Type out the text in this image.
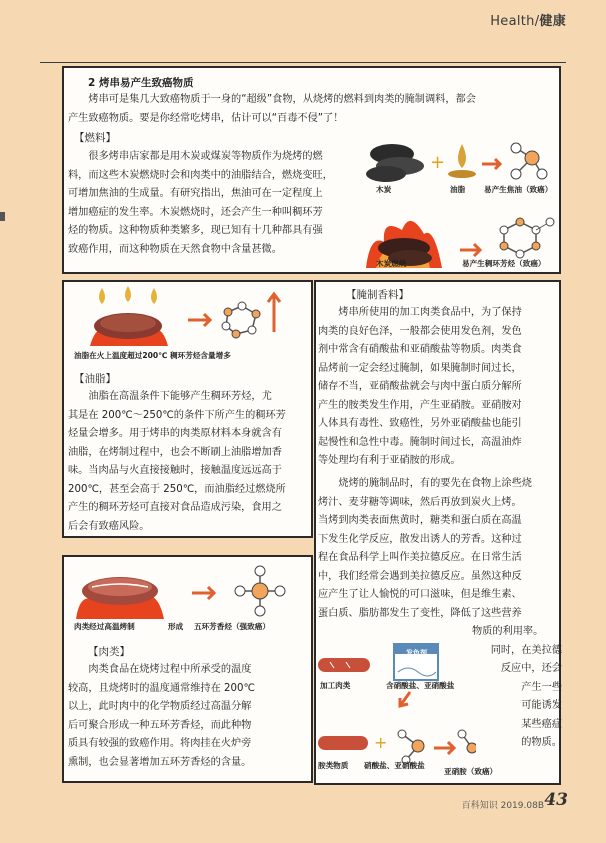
Health/健康
2 烤串易产生致癌物质

烤串可是集几大致癌物质于一身的“超级”食物，从烧烤的燃料到肉类的腌制调料，都会

产生致癌物质。要是你经常吃烤串，估计可以“百毒不侵”了！

【燃料】

很多烤串店家都是用木炭或煤炭等物质作为烧烤的燃

料，而这些木炭燃烧时会和肉类中的油脂结合，燃烧变旺，

可增加焦油的生成量。有研究指出，焦油可在一定程度上

增加癌症的发生率。木炭燃烧时，还会产生一种叫稠环芳

烃的物质。这种物质种类繁多，现已知有十几种都具有强

致癌作用，而这种物质在天然食物中含量甚微。

+
木炭	油脂 易产生焦油（致癌）
木炭燃烧	易产生稠环芳烃（致癌）
油脂在火上温度超过200℃ 稠环芳烃含量增多
【油脂】

油脂在高温条件下能够产生稠环芳烃，尤

其是在 200℃～250℃的条件下所产生的稠环芳

烃量会增多。用于烤串的肉类原材料本身就含有

油脂，在烤制过程中，也会不断刷上油脂增加香

味。当肉品与火直接接触时，接触温度远远高于

200℃，甚至会高于 250℃，而油脂经过燃烧所

产生的稠环芳烃可直接对食品造成污染，食用之

后会有致癌风险。

肉类经过高温烤制	形成 五环芳香烃（强致癌）
【肉类】

肉类食品在烧烤过程中所承受的温度

较高，且烧烤时的温度通常维持在 200℃

以上，此时肉中的化学物质经过高温分解

后可聚合形成一种五环芳香烃，而此种物

质具有较强的致癌作用。将肉挂在火炉旁

熏制，也会显著增加五环芳香烃的含量。

【腌制香料】

烤串所使用的加工肉类食品中，为了保持

肉类的良好色泽，一般都会使用发色剂，发色

剂中常含有硝酸盐和亚硝酸盐等物质。肉类食

品烤前一定会经过腌制，如果腌制时间过长，

储存不当，亚硝酸盐就会与肉中蛋白质分解所

产生的胺类发生作用，产生亚硝胺。亚硝胺对

人体具有毒性、致癌性，另外亚硝酸盐也能引

起慢性和急性中毒。腌制时间过长，高温油炸

等处理均有利于亚硝胺的形成。

烧烤的腌制品时，有的要先在食物上涂些烧

烤汁、麦芽糖等调味，然后再放到炭火上烤。

当烤到肉类表面焦黄时，糖类和蛋白质在高温

下发生化学反应，散发出诱人的芳香。这种过

程在食品科学上叫作美拉德反应。在日常生活

中，我们经常会遇到美拉德反应。虽然这种反

应产生了让人愉悦的可口滋味，但是维生素、

蛋白质、脂肪都发生了变性，降低了这些营养

物质的利用率。
同时，在美拉德
反应中，还会
产生一些
可能诱发
某些癌症
的物质。
+
发色剂
加工肉类	含硝酸盐、亚硝酸盐
胺类物质 硝酸盐、亚硝酸盐
亚硝胺（致癌）
百科知识 2019.08B 43
